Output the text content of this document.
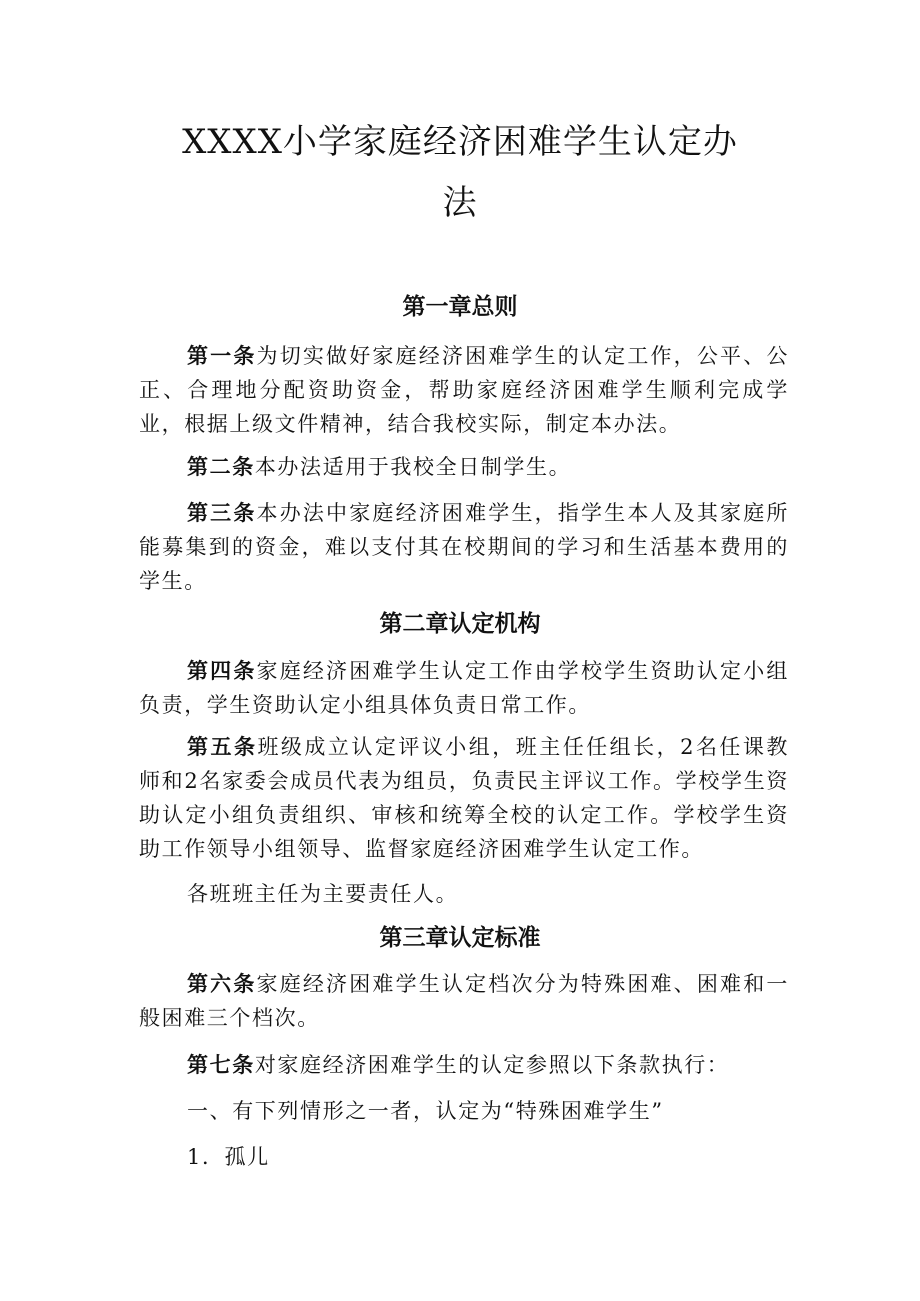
XXXX小学家庭经济困难学生认定办
法
第一章总则
第一条为切实做好家庭经济困难学生的认定工作，公平、公正、合理地分配资助资金，帮助家庭经济困难学生顺利完成学业，根据上级文件精神，结合我校实际，制定本办法。
第二条本办法适用于我校全日制学生。
第三条本办法中家庭经济困难学生，指学生本人及其家庭所能募集到的资金，难以支付其在校期间的学习和生活基本费用的学生。
第二章认定机构
第四条家庭经济困难学生认定工作由学校学生资助认定小组负责，学生资助认定小组具体负责日常工作。
第五条班级成立认定评议小组，班主任任组长，2名任课教师和2名家委会成员代表为组员，负责民主评议工作。学校学生资助认定小组负责组织、审核和统筹全校的认定工作。学校学生资助工作领导小组领导、监督家庭经济困难学生认定工作。
各班班主任为主要责任人。
第三章认定标准
第六条家庭经济困难学生认定档次分为特殊困难、困难和一般困难三个档次。
第七条对家庭经济困难学生的认定参照以下条款执行：
一、有下列情形之一者，认定为“特殊困难学生”
1．孤儿
